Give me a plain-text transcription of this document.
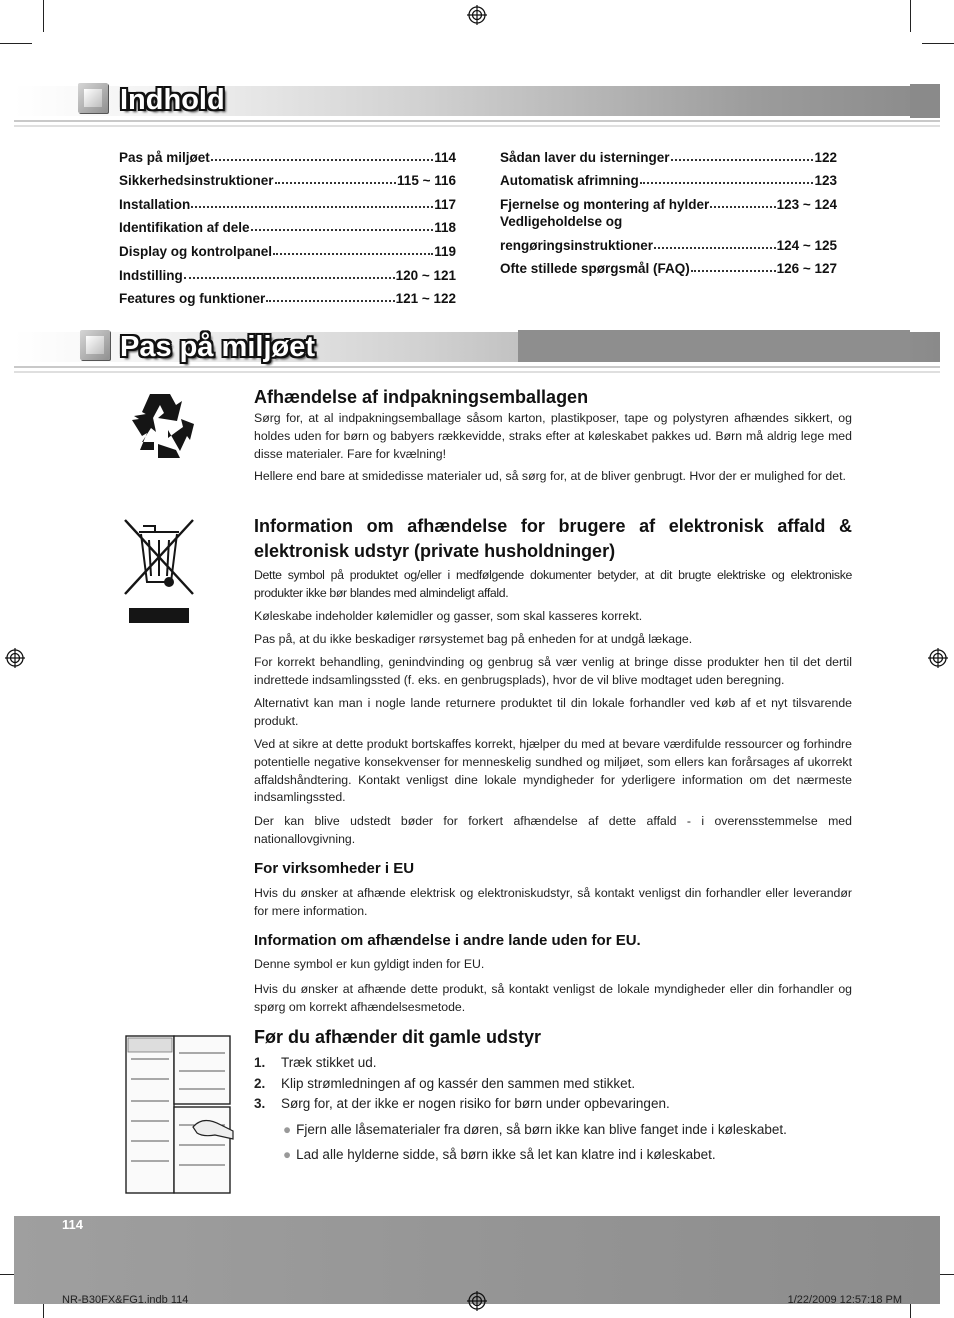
Indhold
Pas på miljøet	114
Sikkerhedsinstruktioner	115 ~ 116
Installation	117
Identifikation af dele	118
Display og kontrolpanel	119
Indstilling	120 ~ 121
Features og funktioner	121 ~ 122
Sådan laver du isterninger	122
Automatisk afrimning	123
Fjernelse og montering af hylder	123 ~ 124
Vedligeholdelse og
rengøringsinstruktioner	124 ~ 125
Ofte stillede spørgsmål (FAQ)	126 ~ 127
Pas på miljøet
Afhændelse af indpakningsemballagen
Sørg for, at al indpakningsemballage såsom karton, plastikposer, tape og polystyren afhændes sikkert, og holdes uden for børn og babyers rækkevidde, straks efter at køleskabet pakkes ud. Børn må aldrig lege med disse materialer. Fare for kvælning!
Hellere end bare at smidedisse materialer ud, så sørg for, at de bliver genbrugt. Hvor der er mulighed for det.
Information om afhændelse for brugere af elektronisk affald & elektronisk udstyr (private husholdninger)
Dette symbol på produktet og/eller i medfølgende dokumenter betyder, at dit brugte elektriske og elektroniske produkter ikke bør blandes med almindeligt affald.
Køleskabe indeholder kølemidler og gasser, som skal kasseres korrekt.
Pas på, at du ikke beskadiger rørsystemet bag på enheden for at undgå lækage.
For korrekt behandling, genindvinding og genbrug så vær venlig at bringe disse produkter hen til det dertil indrettede indsamlingssted (f. eks. en genbrugsplads), hvor de vil blive modtaget uden beregning.
Alternativt kan man i nogle lande returnere produktet til din lokale forhandler ved køb af et nyt tilsvarende produkt.
Ved at sikre at dette produkt bortskaffes korrekt, hjælper du med at bevare værdifulde ressourcer og forhindre potentielle negative konsekvenser for menneskelig sundhed og miljøet, som ellers kan forårsages af ukorrekt affaldshåndtering. Kontakt venligst dine lokale myndigheder for yderligere information om det nærmeste indsamlingssted.
Der kan blive udstedt bøder for forkert afhændelse af dette affald - i overensstemmelse med nationallovgivning.
For virksomheder i EU
Hvis du ønsker at afhænde elektrisk og elektroniskudstyr, så kontakt venligst din forhandler eller leverandør for mere information.
Information om afhændelse i andre lande uden for EU.
Denne symbol er kun gyldigt inden for EU.
Hvis du ønsker at afhænde dette produkt, så kontakt venligst de lokale myndigheder eller din forhandler og spørg om korrekt afhændelsesmetode.
Før du afhænder dit gamle udstyr
1.	Træk stikket ud.
2.	Klip strømledningen af og kassér den sammen med stikket.
3.	Sørg for, at der ikke er nogen risiko for børn under opbevaringen.
● Fjern alle låsematerialer fra døren, så børn ikke kan blive fanget inde i køleskabet.
● Lad alle hylderne sidde, så børn ikke så let kan klatre ind i køleskabet.
114
NR-B30FX&FG1.indb 114	1/22/2009 12:57:18 PM
